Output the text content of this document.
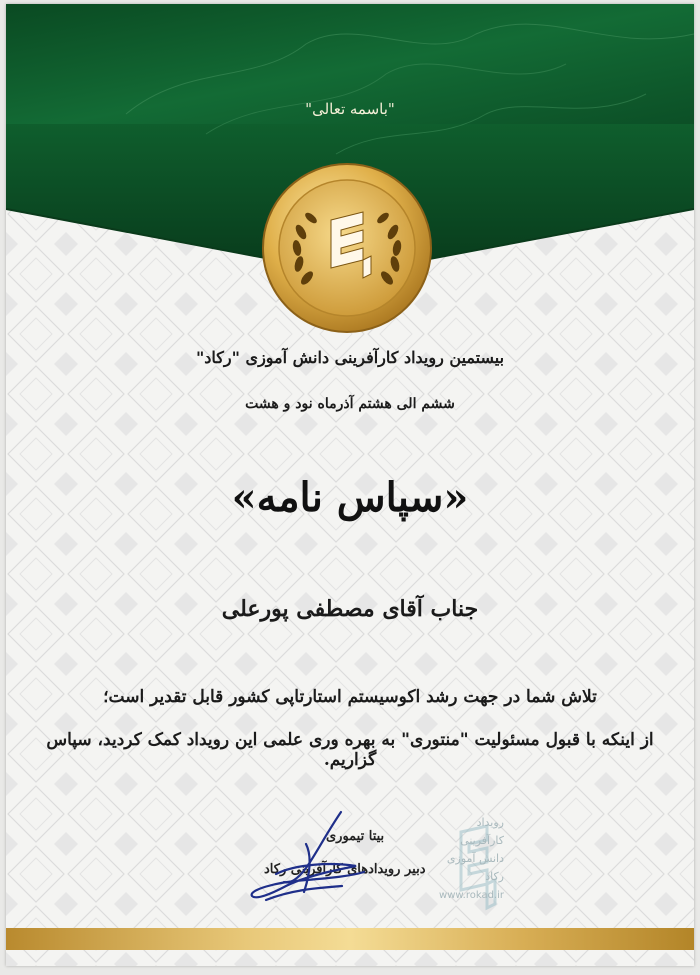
"باسمه تعالی"
بیستمین رویداد کارآفرینی دانش آموزی "رکاد"
ششم الی هشتم آذرماه نود و هشت
«سپاس نامه»
جناب آقای مصطفی پورعلی
تلاش شما در جهت رشد اکوسیستم استارتاپی کشور قابل تقدیر است؛
از اینکه با قبول مسئولیت "منتوری" به بهره وری علمی این رویداد کمک کردید، سپاس گزاریم.
رویداد
کارآفرینی
دانش آموزی
رکاد
www.rokad.ir
بیتا تیموری
دبیر رویدادهای کارآفرینی رکاد
